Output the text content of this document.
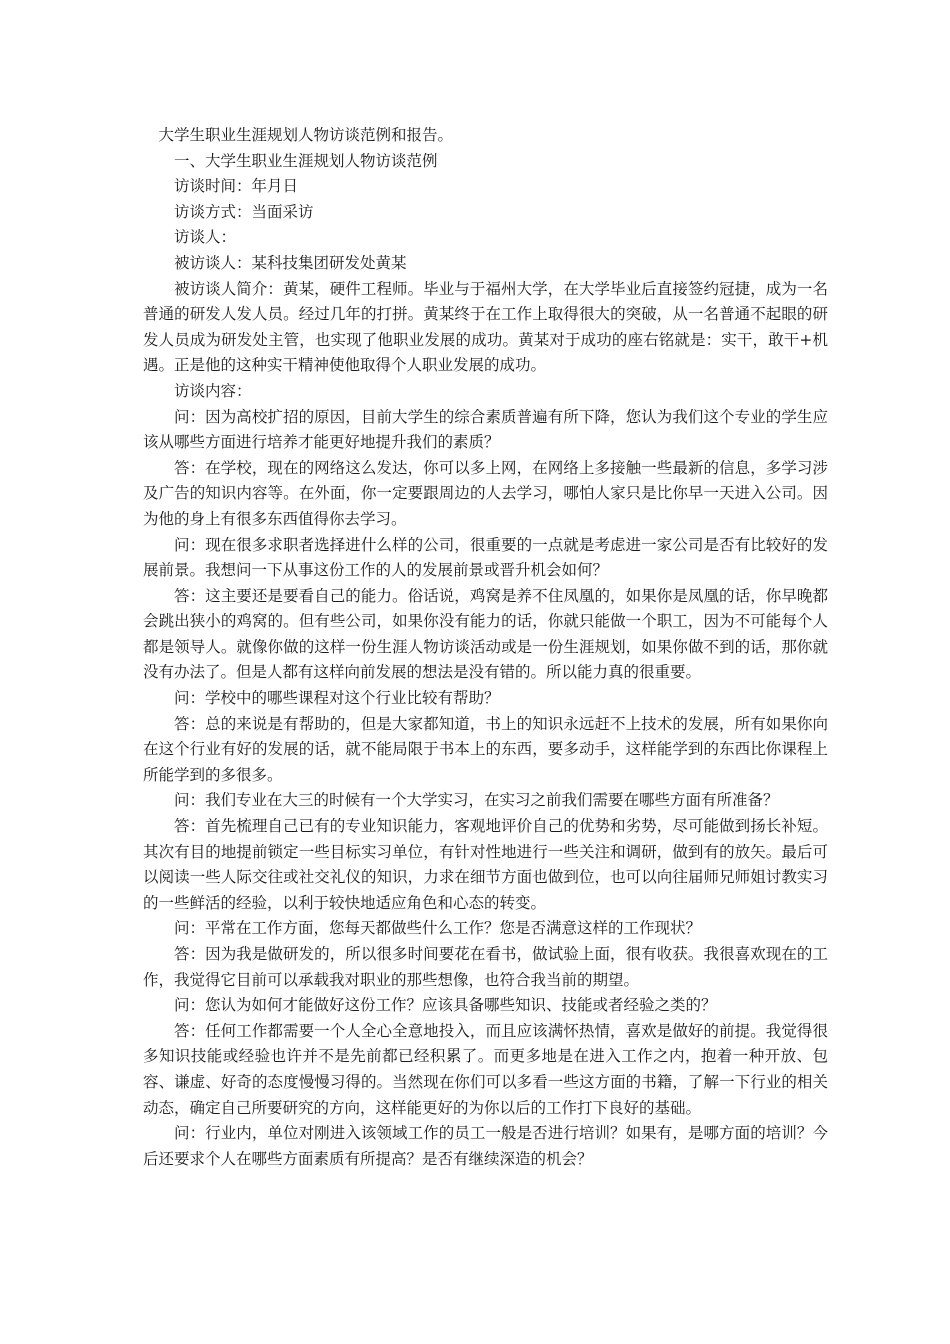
大学生职业生涯规划人物访谈范例和报告。

一、大学生职业生涯规划人物访谈范例

访谈时间：年月日

访谈方式：当面采访

访谈人：

被访谈人：某科技集团研发处黄某

被访谈人简介：黄某，硬件工程师。毕业与于福州大学，在大学毕业后直接签约冠捷，成为一名普通的研发人发人员。经过几年的打拼。黄某终于在工作上取得很大的突破，从一名普通不起眼的研发人员成为研发处主管，也实现了他职业发展的成功。黄某对于成功的座右铭就是：实干，敢干+机遇。正是他的这种实干精神使他取得个人职业发展的成功。

访谈内容：

问：因为高校扩招的原因，目前大学生的综合素质普遍有所下降，您认为我们这个专业的学生应该从哪些方面进行培养才能更好地提升我们的素质？

答：在学校，现在的网络这么发达，你可以多上网，在网络上多接触一些最新的信息，多学习涉及广告的知识内容等。在外面，你一定要跟周边的人去学习，哪怕人家只是比你早一天进入公司。因为他的身上有很多东西值得你去学习。

问：现在很多求职者选择进什么样的公司，很重要的一点就是考虑进一家公司是否有比较好的发展前景。我想问一下从事这份工作的人的发展前景或晋升机会如何？

答：这主要还是要看自己的能力。俗话说，鸡窝是养不住凤凰的，如果你是凤凰的话，你早晚都会跳出狭小的鸡窝的。但有些公司，如果你没有能力的话，你就只能做一个职工，因为不可能每个人都是领导人。就像你做的这样一份生涯人物访谈活动或是一份生涯规划，如果你做不到的话，那你就没有办法了。但是人都有这样向前发展的想法是没有错的。所以能力真的很重要。

问：学校中的哪些课程对这个行业比较有帮助？

答：总的来说是有帮助的，但是大家都知道，书上的知识永远赶不上技术的发展，所有如果你向在这个行业有好的发展的话，就不能局限于书本上的东西，要多动手，这样能学到的东西比你课程上所能学到的多很多。

问：我们专业在大三的时候有一个大学实习，在实习之前我们需要在哪些方面有所准备？

答：首先梳理自己已有的专业知识能力，客观地评价自己的优势和劣势，尽可能做到扬长补短。其次有目的地提前锁定一些目标实习单位，有针对性地进行一些关注和调研，做到有的放矢。最后可以阅读一些人际交往或社交礼仪的知识，力求在细节方面也做到位，也可以向往届师兄师姐讨教实习的一些鲜活的经验，以利于较快地适应角色和心态的转变。

问：平常在工作方面，您每天都做些什么工作？您是否满意这样的工作现状？

答：因为我是做研发的，所以很多时间要花在看书，做试验上面，很有收获。我很喜欢现在的工作，我觉得它目前可以承载我对职业的那些想像，也符合我当前的期望。

问：您认为如何才能做好这份工作？应该具备哪些知识、技能或者经验之类的？

答：任何工作都需要一个人全心全意地投入，而且应该满怀热情，喜欢是做好的前提。我觉得很多知识技能或经验也许并不是先前都已经积累了。而更多地是在进入工作之内，抱着一种开放、包容、谦虚、好奇的态度慢慢习得的。当然现在你们可以多看一些这方面的书籍，了解一下行业的相关动态，确定自己所要研究的方向，这样能更好的为你以后的工作打下良好的基础。

问：行业内，单位对刚进入该领域工作的员工一般是否进行培训？如果有，是哪方面的培训？今后还要求个人在哪些方面素质有所提高？是否有继续深造的机会？
